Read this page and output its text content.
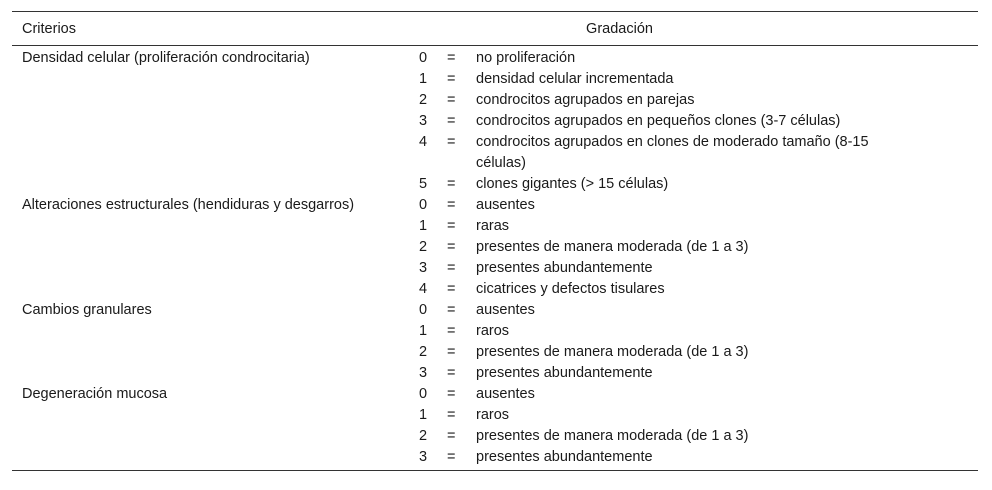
Criterios	Gradación
Densidad celular (proliferación condrocitaria)	0	=	no proliferación
1	=	densidad celular incrementada
2	=	condrocitos agrupados en parejas
3	=	condrocitos agrupados en pequeños clones (3-7 células)
4	=	condrocitos agrupados en clones de moderado tamaño (8-15 células)
5	=	clones gigantes (> 15 células)
Alteraciones estructurales (hendiduras y desgarros)	0	=	ausentes
1	=	raras
2	=	presentes de manera moderada (de 1 a 3)
3	=	presentes abundantemente
4	=	cicatrices y defectos tisulares
Cambios granulares	0	=	ausentes
1	=	raros
2	=	presentes de manera moderada (de 1 a 3)
3	=	presentes abundantemente
Degeneración mucosa	0	=	ausentes
1	=	raros
2	=	presentes de manera moderada (de 1 a 3)
3	=	presentes abundantemente
